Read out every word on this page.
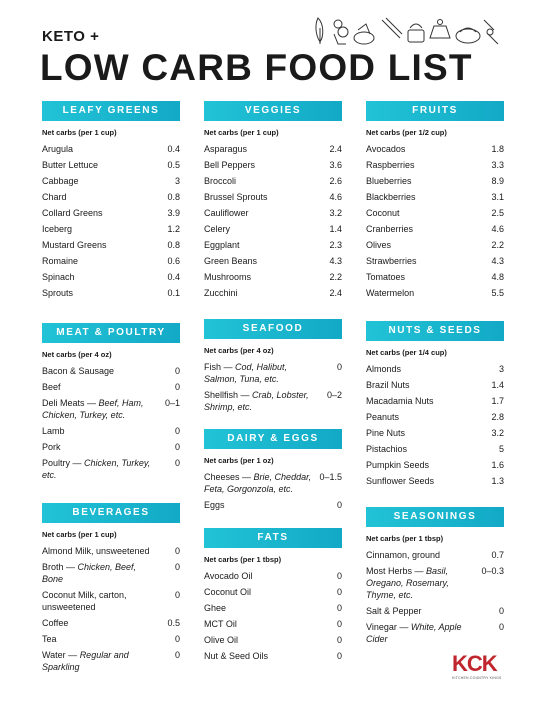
KETO +
LOW CARB FOOD LIST
LEAFY GREENS
Net carbs (per 1 cup)
Arugula	0.4
Butter Lettuce	0.5
Cabbage	3
Chard	0.8
Collard Greens	3.9
Iceberg	1.2
Mustard Greens	0.8
Romaine	0.6
Spinach	0.4
Sprouts	0.1
MEAT & POULTRY
Net carbs (per 4 oz)
Bacon & Sausage	0
Beef	0
Deli Meats — Beef, Ham, Chicken, Turkey, etc.
0–1
Lamb	0
Pork	0
Poultry — Chicken, Turkey, etc.
0
BEVERAGES
Net carbs (per 1 cup)
Almond Milk, unsweetened	0
Broth — Chicken, Beef, Bone
0
Coconut Milk, carton, unsweetened
0
Coffee	0.5
Tea	0
Water — Regular and Sparkling
0
VEGGIES
Net carbs (per 1 cup)
Asparagus	2.4
Bell Peppers	3.6
Broccoli	2.6
Brussel Sprouts	4.6
Cauliflower	3.2
Celery	1.4
Eggplant	2.3
Green Beans	4.3
Mushrooms	2.2
Zucchini	2.4
SEAFOOD
Net carbs (per 4 oz)
Fish — Cod, Halibut, Salmon, Tuna, etc.
0
Shellfish — Crab, Lobster, Shrimp, etc.
0–2
DAIRY & EGGS
Net carbs (per 1 oz)
Cheeses — Brie, Cheddar, Feta, Gorgonzola, etc.
0–1.5
Eggs	0
FATS
Net carbs (per 1 tbsp)
Avocado Oil	0
Coconut Oil	0
Ghee	0
MCT Oil	0
Olive Oil	0
Nut & Seed Oils	0
FRUITS
Net carbs (per 1/2 cup)
Avocados	1.8
Raspberries	3.3
Blueberries	8.9
Blackberries	3.1
Coconut	2.5
Cranberries	4.6
Olives	2.2
Strawberries	4.3
Tomatoes	4.8
Watermelon	5.5
NUTS & SEEDS
Net carbs (per 1/4 cup)
Almonds	3
Brazil Nuts	1.4
Macadamia Nuts	1.7
Peanuts	2.8
Pine Nuts	3.2
Pistachios	5
Pumpkin Seeds	1.6
Sunflower Seeds	1.3
SEASONINGS
Net carbs (per 1 tbsp)
Cinnamon, ground	0.7
Most Herbs — Basil, Oregano, Rosemary, Thyme, etc.
0–0.3
Salt & Pepper	0
Vinegar — White, Apple Cider
0
KCK
KITCHEN COUNTRY KINGS
